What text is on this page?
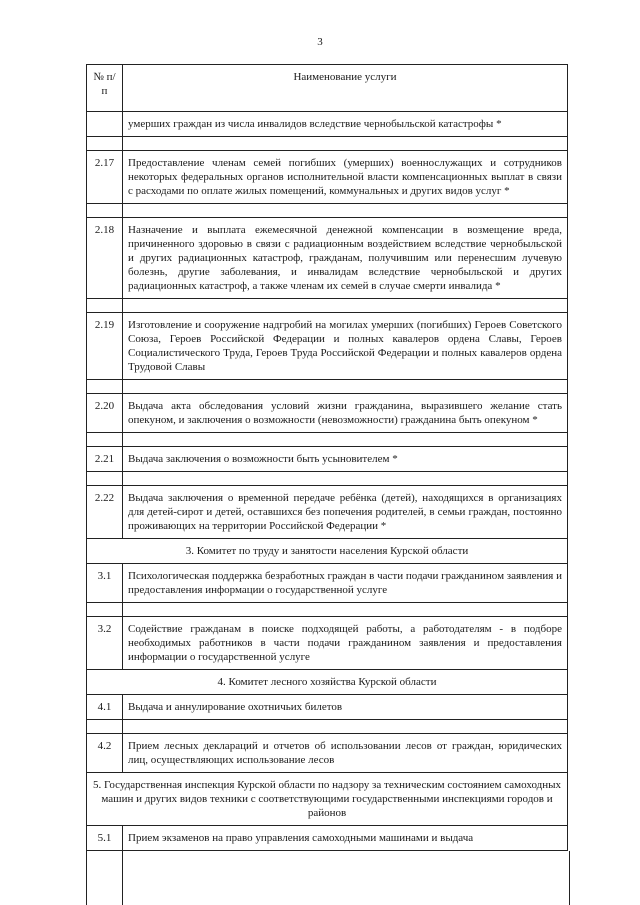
3
№ п/п	Наименование услуги
	умерших граждан из числа инвалидов вследствие чернобыльской катастрофы *

2.17	Предоставление членам семей погибших (умерших) военнослужащих и сотрудников некоторых федеральных органов исполнительной власти компенсационных выплат в связи с расходами по оплате жилых помещений, коммунальных и других видов услуг *

2.18	Назначение и выплата ежемесячной денежной компенсации в возмещение вреда, причиненного здоровью в связи с радиационным воздействием вследствие чернобыльской и других радиационных катастроф, гражданам, получившим или перенесшим лучевую болезнь, другие заболевания, и инвалидам вследствие чернобыльской и других радиационных катастроф, а также членам их семей в случае смерти инвалида *

2.19	Изготовление и сооружение надгробий на могилах умерших (погибших) Героев Советского Союза, Героев Российской Федерации и полных кавалеров ордена Славы, Героев Социалистического Труда, Героев Труда Российской Федерации и полных кавалеров ордена Трудовой Славы

2.20	Выдача акта обследования условий жизни гражданина, выразившего желание стать опекуном, и заключения о возможности (невозможности) гражданина быть опекуном *

2.21	Выдача заключения о возможности быть усыновителем *

2.22	Выдача заключения о временной передаче ребёнка (детей), находящихся в организациях для детей-сирот и детей, оставшихся без попечения родителей, в семьи граждан, постоянно проживающих на территории Российской Федерации *
3. Комитет по труду и занятости населения Курской области	
3.1	Психологическая поддержка безработных граждан в части подачи гражданином заявления и предоставления информации о государственной услуге

3.2	Содействие гражданам в поиске подходящей работы, а работодателям - в подборе необходимых работников в части подачи гражданином заявления и предоставления информации о государственной услуге
4. Комитет лесного хозяйства Курской области	
4.1	Выдача и аннулирование охотничьих билетов

4.2	Прием лесных деклараций и отчетов об использовании лесов от граждан, юридических лиц, осуществляющих использование лесов
5. Государственная инспекция Курской области по надзору за техническим состоянием самоходных машин и других видов техники с соответствующими государственными инспекциями городов и районов	
5.1	Прием экзаменов на право управления самоходными машинами и выдача
